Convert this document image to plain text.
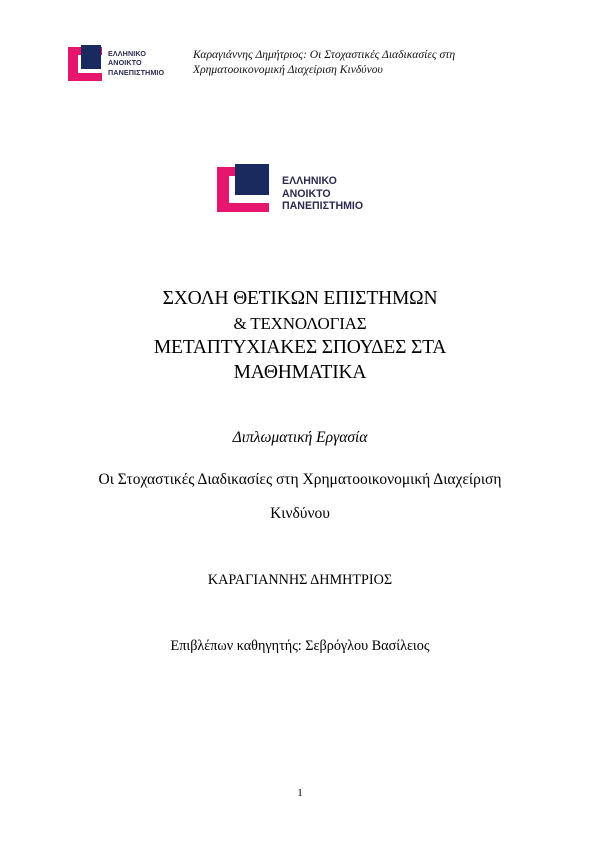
ΕΛΛΗΝΙΚΟ
ΑΝΟΙΚΤΟ
ΠΑΝΕΠΙΣΤΗΜΙΟ
Καραγιάννης Δημήτριος: Οι Στοχαστικές Διαδικασίες στη
Χρηματοοικονομική Διαχείριση Κινδύνου
ΕΛΛΗΝΙΚΟ
ΑΝΟΙΚΤΟ
ΠΑΝΕΠΙΣΤΗΜΙΟ
ΣΧΟΛΗ ΘΕΤΙΚΩΝ ΕΠΙΣΤΗΜΩΝ
& ΤΕΧΝΟΛΟΓΙΑΣ
ΜΕΤΑΠΤΥΧΙΑΚΕΣ ΣΠΟΥΔΕΣ ΣΤΑ
ΜΑΘΗΜΑΤΙΚΑ
Διπλωματική Εργασία
Οι Στοχαστικές Διαδικασίες στη Χρηματοοικονομική Διαχείριση
Κινδύνου
ΚΑΡΑΓΙΑΝΝΗΣ ΔΗΜΗΤΡΙΟΣ
Επιβλέπων καθηγητής: Σεβρόγλου Βασίλειος
1
